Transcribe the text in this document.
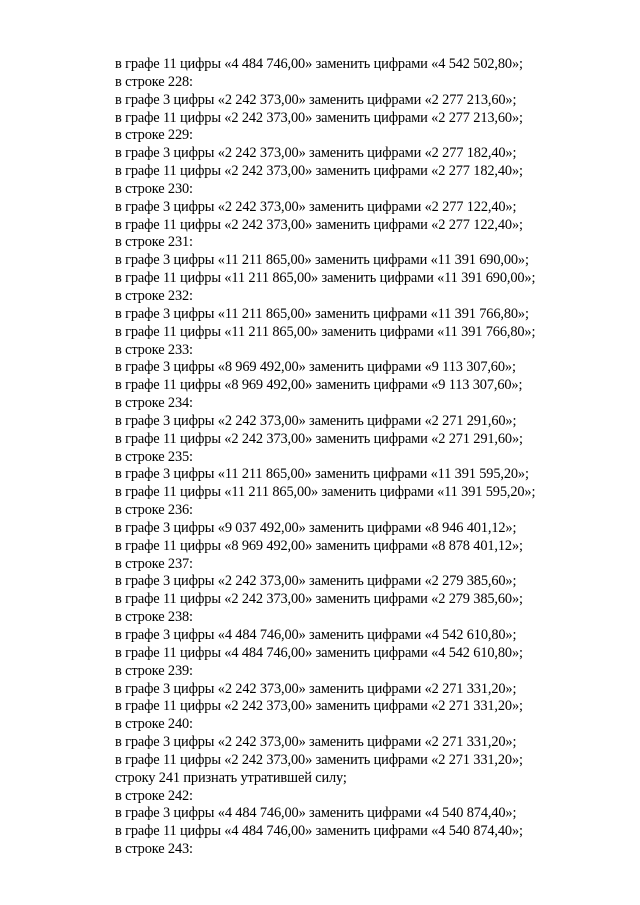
в графе 11 цифры «4 484 746,00» заменить цифрами «4 542 502,80»;
в строке 228:
в графе 3 цифры «2 242 373,00» заменить цифрами «2 277 213,60»;
в графе 11 цифры «2 242 373,00» заменить цифрами «2 277 213,60»;
в строке 229:
в графе 3 цифры «2 242 373,00» заменить цифрами «2 277 182,40»;
в графе 11 цифры «2 242 373,00» заменить цифрами «2 277 182,40»;
в строке 230:
в графе 3 цифры «2 242 373,00» заменить цифрами «2 277 122,40»;
в графе 11 цифры «2 242 373,00» заменить цифрами «2 277 122,40»;
в строке 231:
в графе 3 цифры «11 211 865,00» заменить цифрами «11 391 690,00»;
в графе 11 цифры «11 211 865,00» заменить цифрами «11 391 690,00»;
в строке 232:
в графе 3 цифры «11 211 865,00» заменить цифрами «11 391 766,80»;
в графе 11 цифры «11 211 865,00» заменить цифрами «11 391 766,80»;
в строке 233:
в графе 3 цифры «8 969 492,00» заменить цифрами «9 113 307,60»;
в графе 11 цифры «8 969 492,00» заменить цифрами «9 113 307,60»;
в строке 234:
в графе 3 цифры «2 242 373,00» заменить цифрами «2 271 291,60»;
в графе 11 цифры «2 242 373,00» заменить цифрами «2 271 291,60»;
в строке 235:
в графе 3 цифры «11 211 865,00» заменить цифрами «11 391 595,20»;
в графе 11 цифры «11 211 865,00» заменить цифрами «11 391 595,20»;
в строке 236:
в графе 3 цифры «9 037 492,00» заменить цифрами «8 946 401,12»;
в графе 11 цифры «8 969 492,00» заменить цифрами «8 878 401,12»;
в строке 237:
в графе 3 цифры «2 242 373,00» заменить цифрами «2 279 385,60»;
в графе 11 цифры «2 242 373,00» заменить цифрами «2 279 385,60»;
в строке 238:
в графе 3 цифры «4 484 746,00» заменить цифрами «4 542 610,80»;
в графе 11 цифры «4 484 746,00» заменить цифрами «4 542 610,80»;
в строке 239:
в графе 3 цифры «2 242 373,00» заменить цифрами «2 271 331,20»;
в графе 11 цифры «2 242 373,00» заменить цифрами «2 271 331,20»;
в строке 240:
в графе 3 цифры «2 242 373,00» заменить цифрами «2 271 331,20»;
в графе 11 цифры «2 242 373,00» заменить цифрами «2 271 331,20»;
строку 241 признать утратившей силу;
в строке 242:
в графе 3 цифры «4 484 746,00» заменить цифрами «4 540 874,40»;
в графе 11 цифры «4 484 746,00» заменить цифрами «4 540 874,40»;
в строке 243:
